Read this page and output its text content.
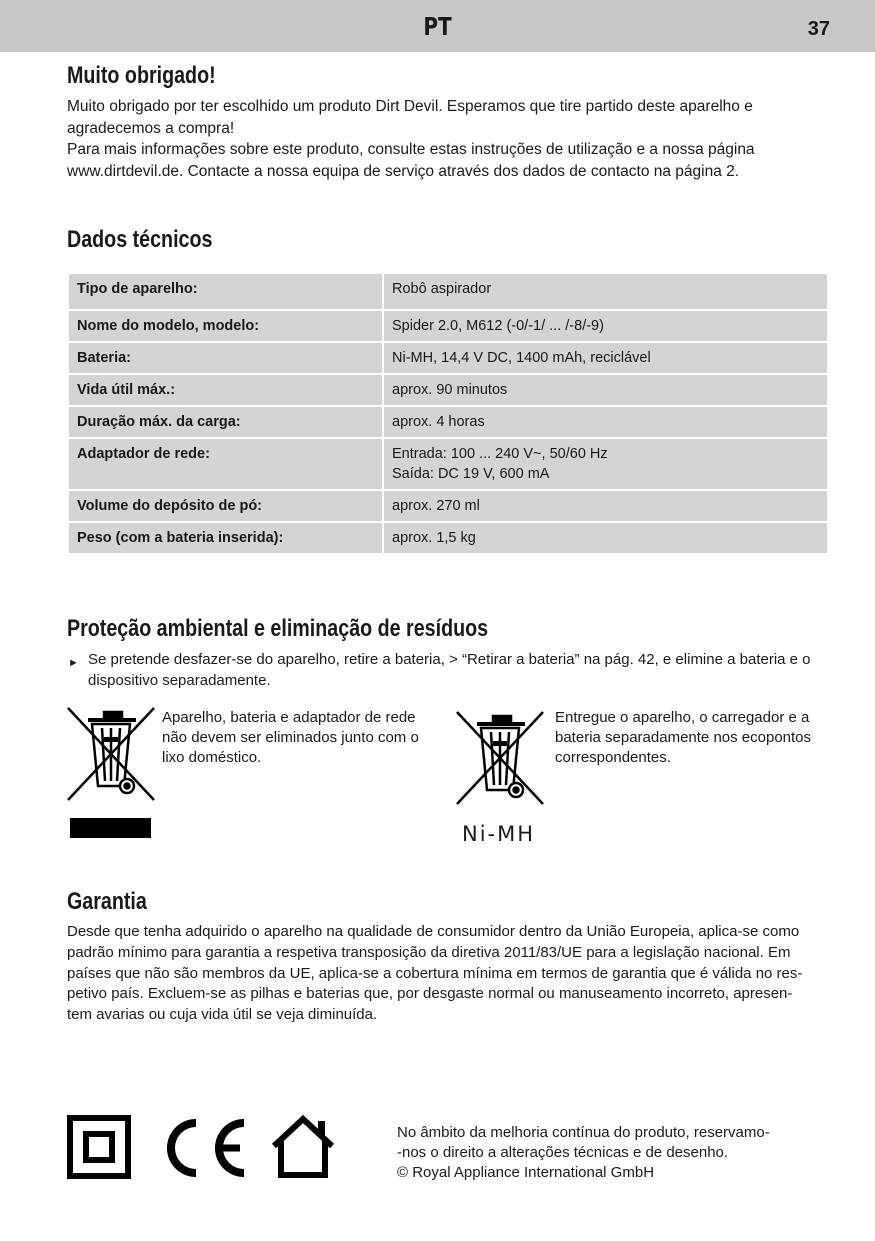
PT	37
Muito obrigado!

Muito obrigado por ter escolhido um produto Dirt Devil. Esperamos que tire partido deste aparelho e
agradecemos a compra!
Para mais informações sobre este produto, consulte estas instruções de utilização e a nossa página
www.dirtdevil.de. Contacte a nossa equipa de serviço através dos dados de contacto na página 2.

Dados técnicos
Tipo de aparelho:	Robô aspirador
Nome do modelo, modelo:	Spider 2.0, M612 (-0/-1/ ... /-8/-9)
Bateria:	Ni-MH, 14,4 V DC, 1400 mAh, reciclável
Vida útil máx.:	aprox. 90 minutos
Duração máx. da carga:	aprox. 4 horas
Adaptador de rede:	Entrada: 100 ... 240 V~, 50/60 Hz
Saída: DC 19 V, 600 mA

Volume do depósito de pó:	aprox. 270 ml
Peso (com a bateria inserida):	aprox. 1,5 kg
Proteção ambiental e eliminação de resíduos
► Se pretende desfazer-se do aparelho, retire a bateria, > “Retirar a bateria” na pág. 42, e elimine a bateria e o dispositivo separadamente.

Aparelho, bateria e adaptador de rede
não devem ser eliminados junto com o
lixo doméstico.

Ni-MH

Entregue o aparelho, o carregador e a
bateria separadamente nos ecopontos
correspondentes.

Garantia

Desde que tenha adquirido o aparelho na qualidade de consumidor dentro da União Europeia, aplica-se como
padrão mínimo para garantia a respetiva transposição da diretiva 2011/83/UE para a legislação nacional. Em
países que não são membros da UE, aplica-se a cobertura mínima em termos de garantia que é válida no res-
petivo país. Excluem-se as pilhas e baterias que, por desgaste normal ou manuseamento incorreto, apresen-
tem avarias ou cuja vida útil se veja diminuída.

No âmbito da melhoria contínua do produto, reservamo-
-nos o direito a alterações técnicas e de desenho.
© Royal Appliance International GmbH
